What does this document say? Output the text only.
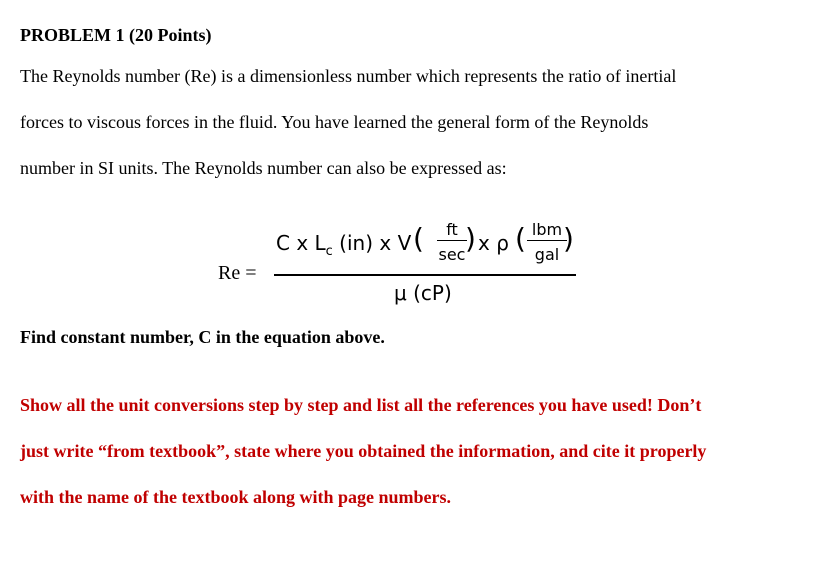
PROBLEM 1 (20 Points)
The Reynolds number (Re) is a dimensionless number which represents the ratio of inertial
forces to viscous forces in the fluid. You have learned the general form of the Reynolds
number in SI units. The Reynolds number can also be expressed as:
Re =
C x $L_c$ (in) x V (	ft
sec ) x ρ ( lbm
gal )
μ (cP)
Find constant number, C in the equation above.
Show all the unit conversions step by step and list all the references you have used! Don’t
just write “from textbook”, state where you obtained the information, and cite it properly
with the name of the textbook along with page numbers.
